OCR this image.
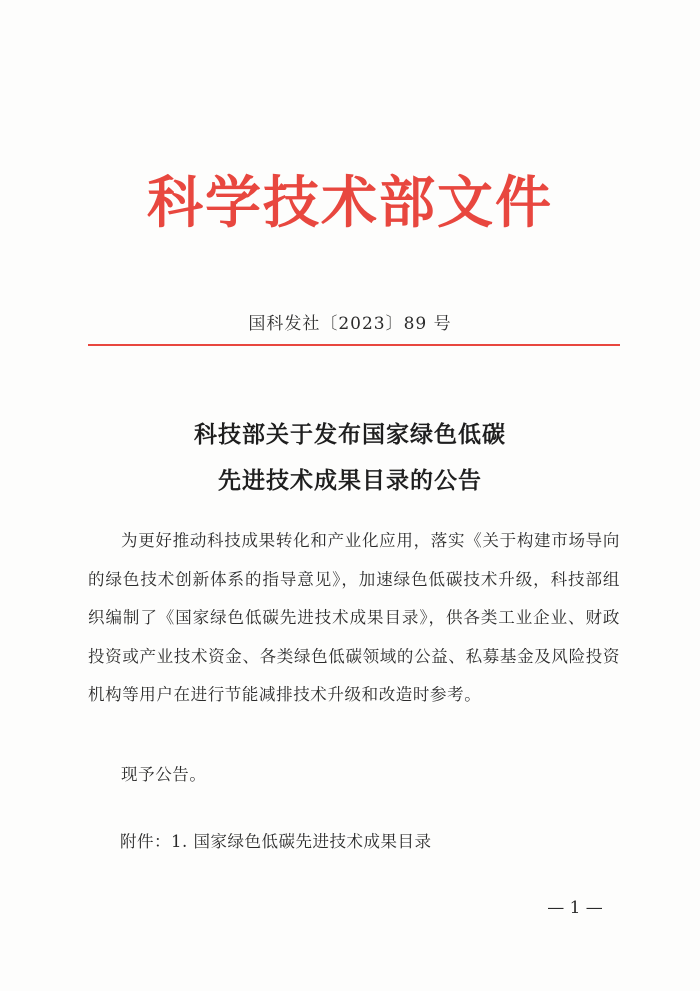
科学技术部文件
国科发社〔2023〕89 号
科技部关于发布国家绿色低碳
先进技术成果目录的公告

为更好推动科技成果转化和产业化应用，落实《关于构建市场导向的绿色技术创新体系的指导意见》，加速绿色低碳技术升级，科技部组织编制了《国家绿色低碳先进技术成果目录》，供各类工业企业、财政投资或产业技术资金、各类绿色低碳领域的公益、私募基金及风险投资机构等用户在进行节能减排技术升级和改造时参考。

现予公告。
附件：1. 国家绿色低碳先进技术成果目录
— 1 —
